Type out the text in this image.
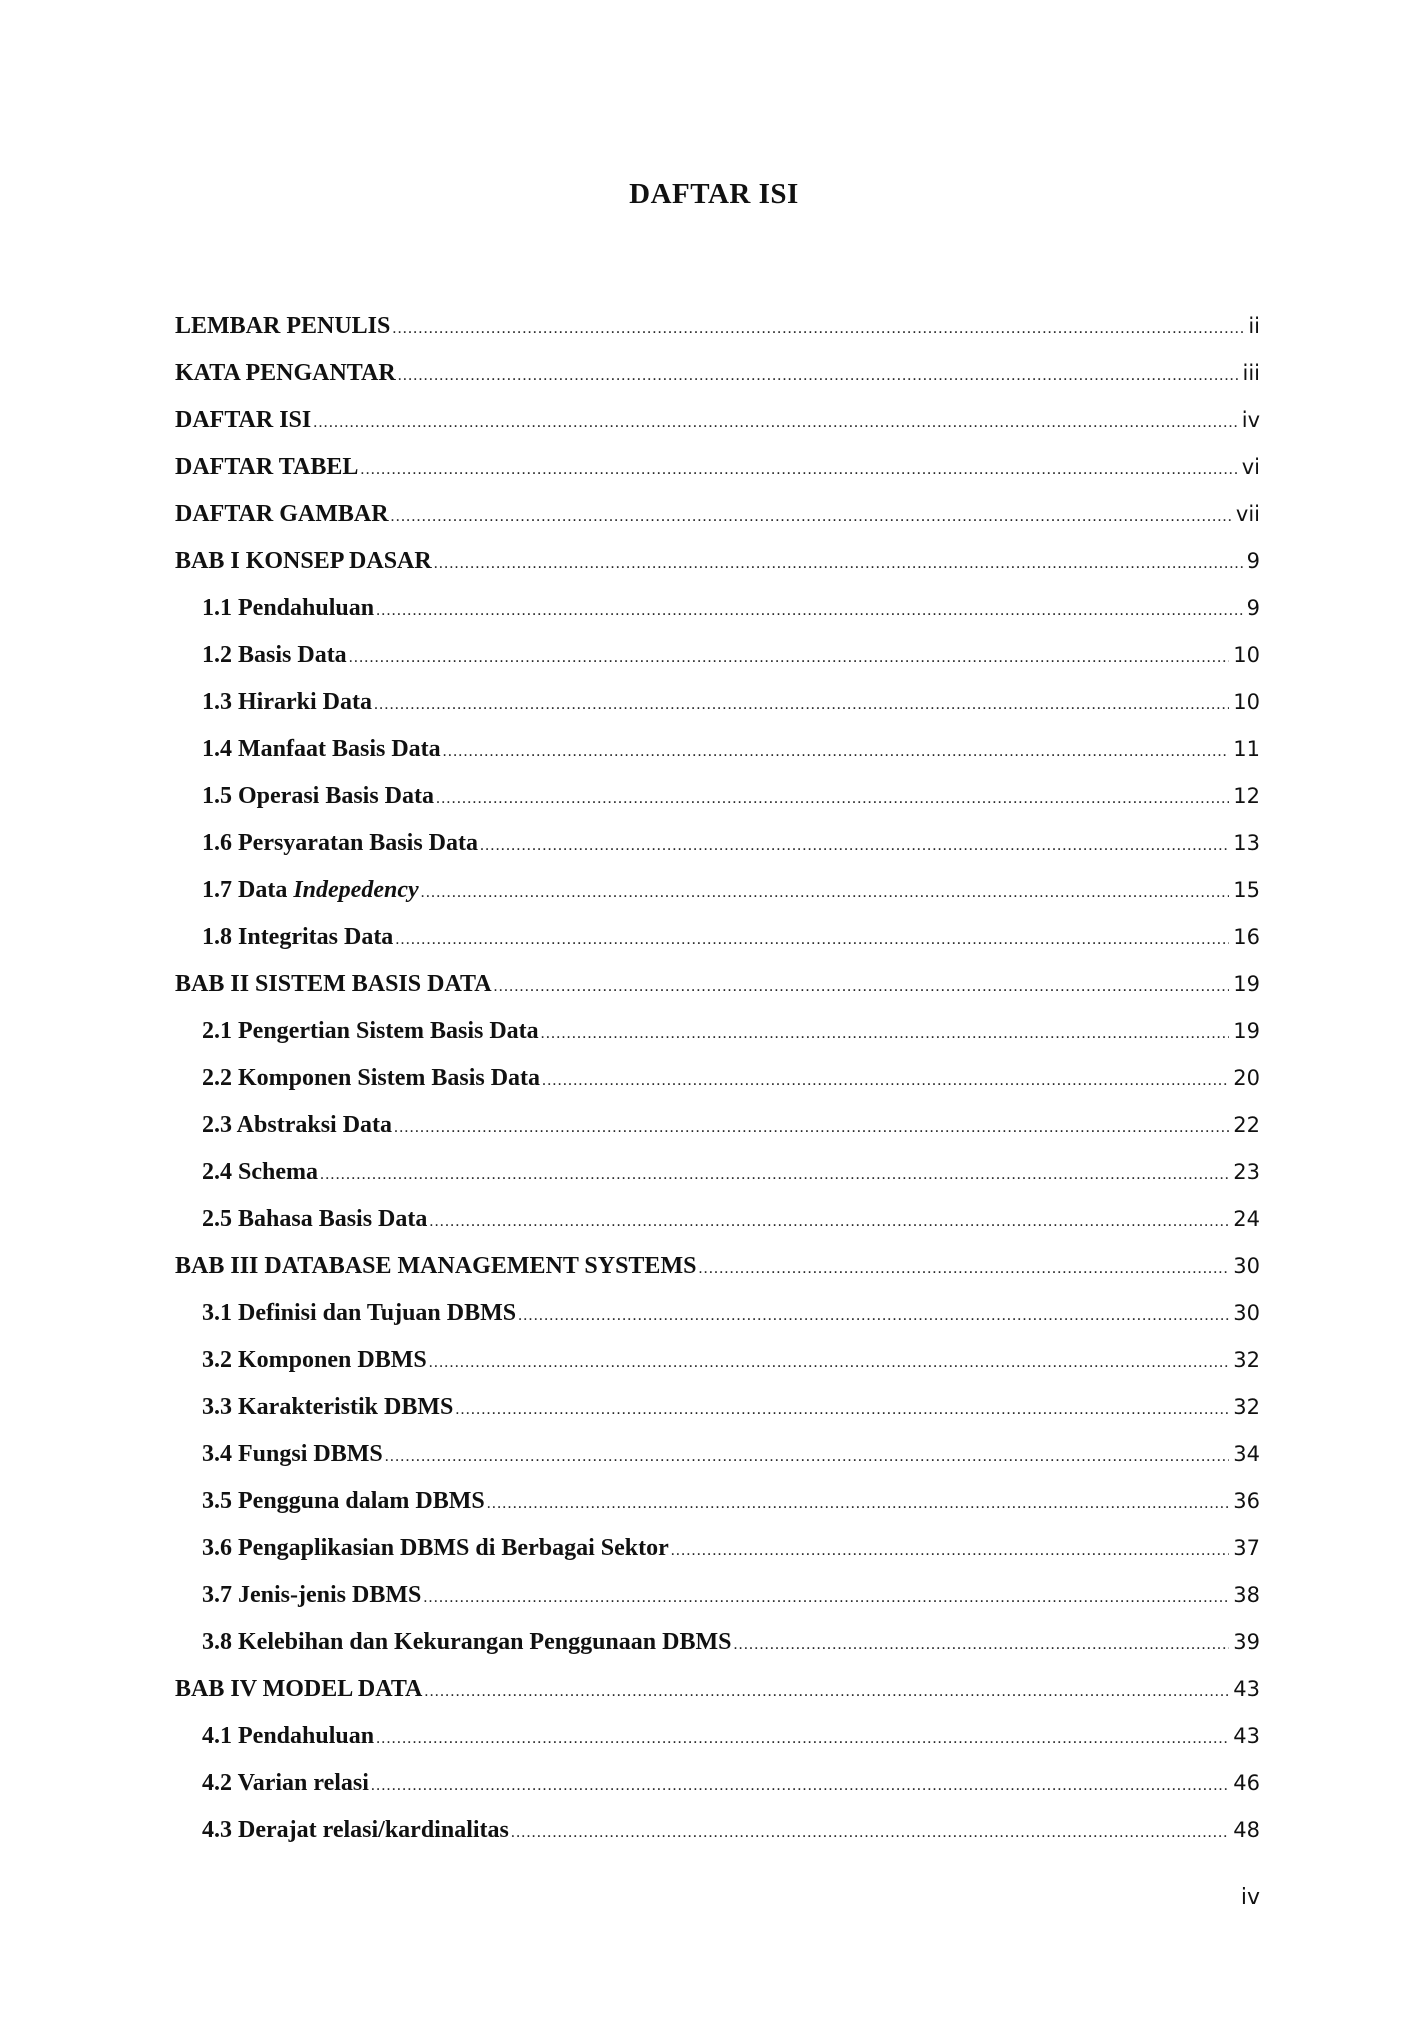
DAFTAR ISI
LEMBAR PENULIS .....	ii
KATA PENGANTAR .....	iii
DAFTAR ISI .....	iv
DAFTAR TABEL .....	vi
DAFTAR GAMBAR .....	vii
BAB I KONSEP DASAR .....	9
1.1 Pendahuluan .....	9
1.2 Basis Data .....	10
1.3 Hirarki Data .....	10
1.4 Manfaat Basis Data .....	11
1.5 Operasi Basis Data .....	12
1.6 Persyaratan Basis Data .....	13
1.7 Data Indepedency .....	15
1.8 Integritas Data .....	16
BAB II SISTEM BASIS DATA .....	19
2.1 Pengertian Sistem Basis Data .....	19
2.2 Komponen Sistem Basis Data .....	20
2.3 Abstraksi Data .....	22
2.4 Schema .....	23
2.5 Bahasa Basis Data .....	24
BAB III DATABASE MANAGEMENT SYSTEMS .....	30
3.1 Definisi dan Tujuan DBMS .....	30
3.2 Komponen DBMS .....	32
3.3 Karakteristik DBMS .....	32
3.4 Fungsi DBMS .....	34
3.5 Pengguna dalam DBMS .....	36
3.6 Pengaplikasian DBMS di Berbagai Sektor .....	37
3.7 Jenis-jenis DBMS .....	38
3.8 Kelebihan dan Kekurangan Penggunaan DBMS .....	39
BAB IV MODEL DATA .....	43
4.1 Pendahuluan .....	43
4.2 Varian relasi .....	46
4.3 Derajat relasi/kardinalitas .....	48
iv
